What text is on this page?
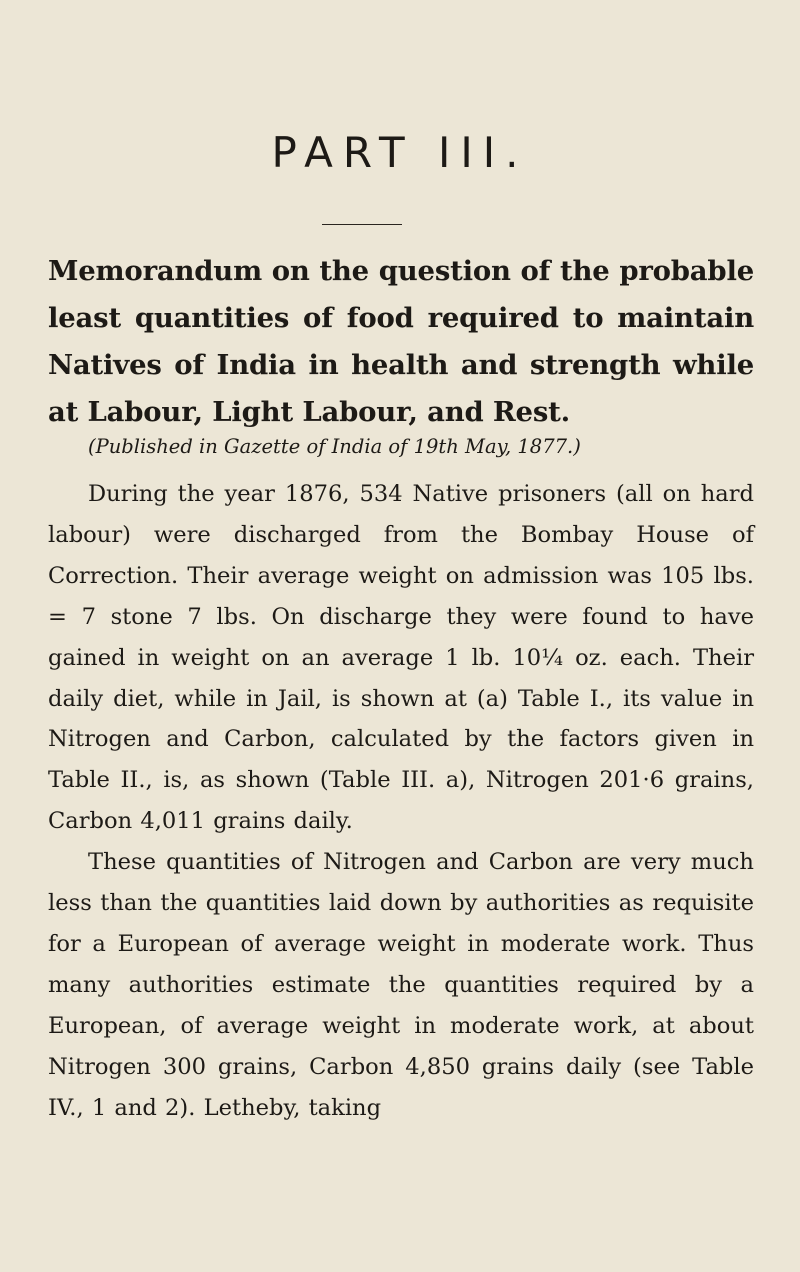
PART III.
Memorandum on the question of the probable least quantities of food required to maintain Natives of India in health and strength while at Labour, Light Labour, and Rest.

(Published in Gazette of India of 19th May, 1877.)

During the year 1876, 534 Native prisoners (all on hard labour) were discharged from the Bombay House of Correction. Their average weight on admission was 105 lbs. = 7 stone 7 lbs. On discharge they were found to have gained in weight on an average 1 lb. 10¼ oz. each. Their daily diet, while in Jail, is shown at (a) Table I., its value in Nitrogen and Carbon, calculated by the factors given in Table II., is, as shown (Table III. a), Nitrogen 201·6 grains, Carbon 4,011 grains daily.

These quantities of Nitrogen and Carbon are very much less than the quantities laid down by authorities as requisite for a European of average weight in moderate work. Thus many authorities estimate the quantities required by a European, of average weight in moderate work, at about Nitrogen 300 grains, Carbon 4,850 grains daily (see Table IV., 1 and 2). Letheby, taking
